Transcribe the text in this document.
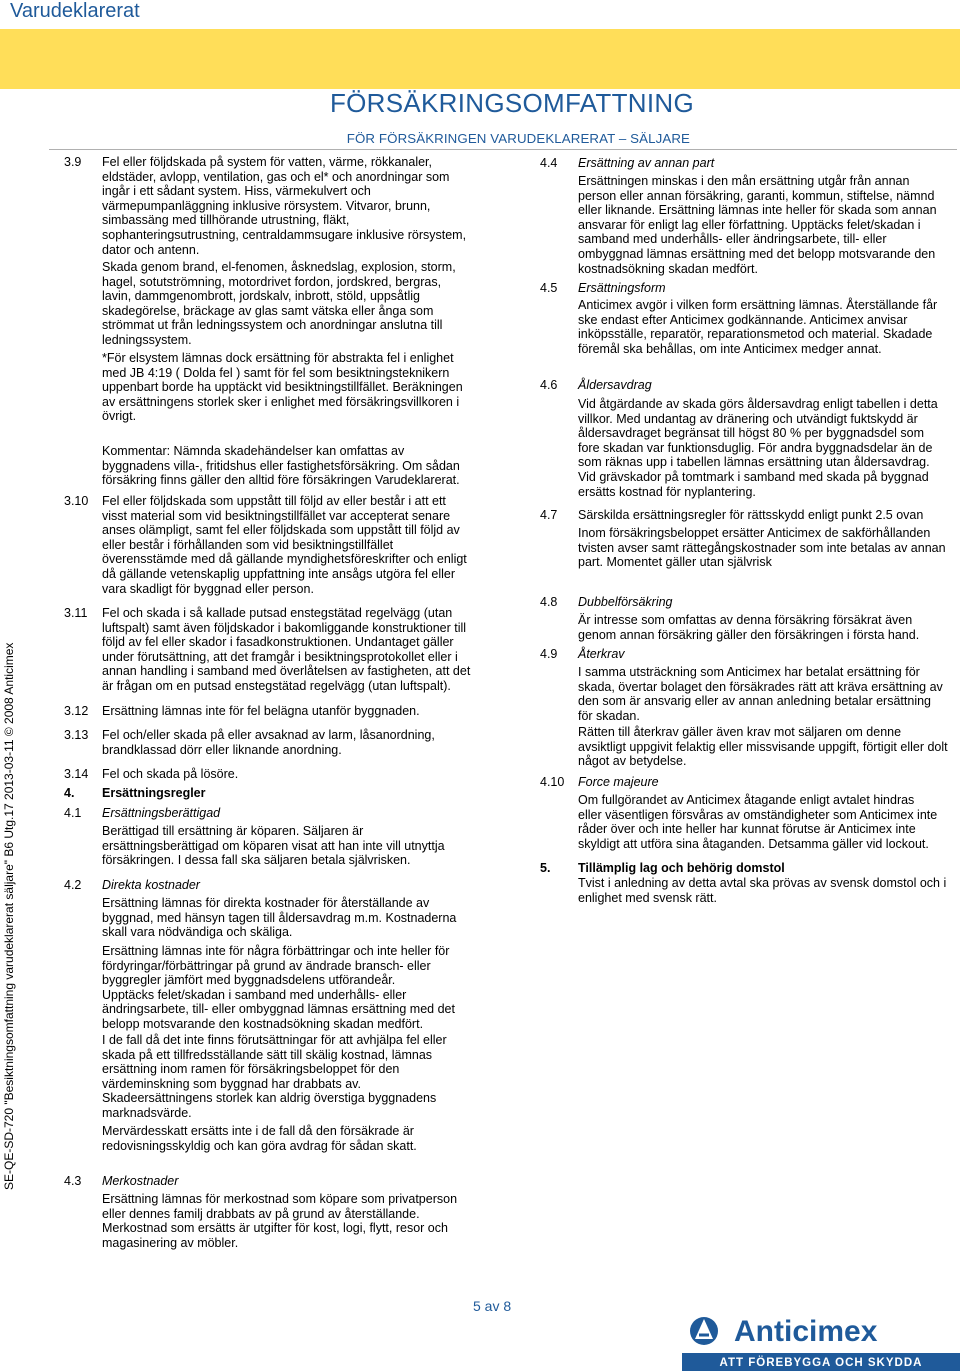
Varudeklarerat
FÖRSÄKRINGSOMFATTNING
FÖR FÖRSÄKRINGEN VARUDEKLARERAT – SÄLJARE
SE-QE-SD-720 "Besiktningsomfattning varudeklarerat säljare" B6 Utg.17 2013-03-11 © 2008 Anticimex
3.9 Fel eller följdskada på system för vatten, värme, rökkanaler,
eldstäder, avlopp, ventilation, gas och el* och anordningar som
ingår i ett sådant system. Hiss, värmekulvert och
värmepumpanläggning inklusive rörsystem. Vitvaror, brunn,
simbassäng med tillhörande utrustning, fläkt,
sophanteringsutrustning, centraldammsugare inklusive rörsystem,
dator och antenn.
Skada genom brand, el-fenomen, åsknedslag, explosion, storm,
hagel, sotutströmning, motordrivet fordon, jordskred, bergras,
lavin, dammgenombrott, jordskalv, inbrott, stöld, uppsåtlig
skadegörelse, bräckage av glas samt vätska eller ånga som
strömmat ut från ledningssystem och anordningar anslutna till
ledningssystem.
*För elsystem lämnas dock ersättning för abstrakta fel i enlighet
med JB 4:19 ( Dolda fel ) samt för fel som besiktningsteknikern
uppenbart borde ha upptäckt vid besiktningstillfället. Beräkningen
av ersättningens storlek sker i enlighet med försäkringsvillkoren i
övrigt.
Kommentar: Nämnda skadehändelser kan omfattas av
byggnadens villa-, fritidshus eller fastighetsförsäkring. Om sådan
försäkring finns gäller den alltid före försäkringen Varudeklarerat.
3.10 Fel eller följdskada som uppstått till följd av eller består i att ett
visst material som vid besiktningstillfället var accepterat senare
anses olämpligt, samt fel eller följdskada som uppstått till följd av
eller består i förhållanden som vid besiktningstillfället
överensstämde med då gällande myndighetsföreskrifter och enligt
då gällande vetenskaplig uppfattning inte ansågs utgöra fel eller
vara skadligt för byggnad eller person.
3.11 Fel och skada i så kallade putsad enstegstätad regelvägg (utan
luftspalt) samt även följdskador i bakomliggande konstruktioner till
följd av fel eller skador i fasadkonstruktionen. Undantaget gäller
under förutsättning, att det framgår i besiktningsprotokollet eller i
annan handling i samband med överlåtelsen av fastigheten, att det
är frågan om en putsad enstegstätad regelvägg (utan luftspalt).
3.12 Ersättning lämnas inte för fel belägna utanför byggnaden.
3.13 Fel och/eller skada på eller avsaknad av larm, låsanordning,
brandklassad dörr eller liknande anordning.
3.14 Fel och skada på lösöre.
4. Ersättningsregler
4.1 Ersättningsberättigad
Berättigad till ersättning är köparen. Säljaren är
ersättningsberättigad om köparen visat att han inte vill utnyttja
försäkringen. I dessa fall ska säljaren betala självrisken.
4.2 Direkta kostnader
Ersättning lämnas för direkta kostnader för återställande av
byggnad, med hänsyn tagen till åldersavdrag m.m. Kostnaderna
skall vara nödvändiga och skäliga.
Ersättning lämnas inte för några förbättringar och inte heller för
fördyringar/förbättringar på grund av ändrade bransch- eller
byggregler jämfört med byggnadsdelens utförandeår.
Upptäcks felet/skadan i samband med underhålls- eller
ändringsarbete, till- eller ombyggnad lämnas ersättning med det
belopp motsvarande den kostnadsökning skadan medfört.
I de fall då det inte finns förutsättningar för att avhjälpa fel eller
skada på ett tillfredsställande sätt till skälig kostnad, lämnas
ersättning inom ramen för försäkringsbeloppet för den
värdeminskning som byggnad har drabbats av.
Skadeersättningens storlek kan aldrig överstiga byggnadens
marknadsvärde.
Mervärdesskatt ersätts inte i de fall då den försäkrade är
redovisningsskyldig och kan göra avdrag för sådan skatt.
4.3 Merkostnader
Ersättning lämnas för merkostnad som köpare som privatperson
eller dennes familj drabbats av på grund av återställande.
Merkostnad som ersätts är utgifter för kost, logi, flytt, resor och
magasinering av möbler.
4.4 Ersättning av annan part
Ersättningen minskas i den mån ersättning utgår från annan
person eller annan försäkring, garanti, kommun, stiftelse, nämnd
eller liknande. Ersättning lämnas inte heller för skada som annan
ansvarar för enligt lag eller författning. Upptäcks felet/skadan i
samband med underhålls- eller ändringsarbete, till- eller
ombyggnad lämnas ersättning med det belopp motsvarande den
kostnadsökning skadan medfört.
4.5 Ersättningsform
Anticimex avgör i vilken form ersättning lämnas. Återställande får
ske endast efter Anticimex godkännande. Anticimex anvisar
inköpsställe, reparatör, reparationsmetod och material. Skadade
föremål ska behållas, om inte Anticimex medger annat.
4.6 Åldersavdrag
Vid åtgärdande av skada görs åldersavdrag enligt tabellen i detta
villkor. Med undantag av dränering och utvändigt fuktskydd är
åldersavdraget begränsat till högst 80 % per byggnadsdel som
fore skadan var funktionsduglig. För andra byggnadsdelar än de
som räknas upp i tabellen lämnas ersättning utan åldersavdrag.
Vid grävskador på tomtmark i samband med skada på byggnad
ersätts kostnad för nyplantering.
4.7 Särskilda ersättningsregler för rättsskydd enligt punkt 2.5 ovan
Inom försäkringsbeloppet ersätter Anticimex de sakförhållanden
tvisten avser samt rättegångskostnader som inte betalas av annan
part. Momentet gäller utan självrisk
4.8 Dubbelförsäkring
Är intresse som omfattas av denna försäkring försäkrat även
genom annan försäkring gäller den försäkringen i första hand.
4.9 Återkrav
I samma utsträckning som Anticimex har betalat ersättning för
skada, övertar bolaget den försäkrades rätt att kräva ersättning av
den som är ansvarig eller av annan anledning betalar ersättning
för skadan.
Rätten till återkrav gäller även krav mot säljaren om denne
avsiktligt uppgivit felaktig eller missvisande uppgift, förtigit eller dolt
något av betydelse.
4.10 Force majeure
Om fullgörandet av Anticimex åtagande enligt avtalet hindras
eller väsentligen försvåras av omständigheter som Anticimex inte
råder över och inte heller har kunnat förutse är Anticimex inte
skyldigt att utföra sina åtaganden. Detsamma gäller vid lockout.
5. Tillämplig lag och behörig domstol
Tvist i anledning av detta avtal ska prövas av svensk domstol och i
enlighet med svensk rätt.
5 av 8
Anticimex
ATT FÖREBYGGA OCH SKYDDA
